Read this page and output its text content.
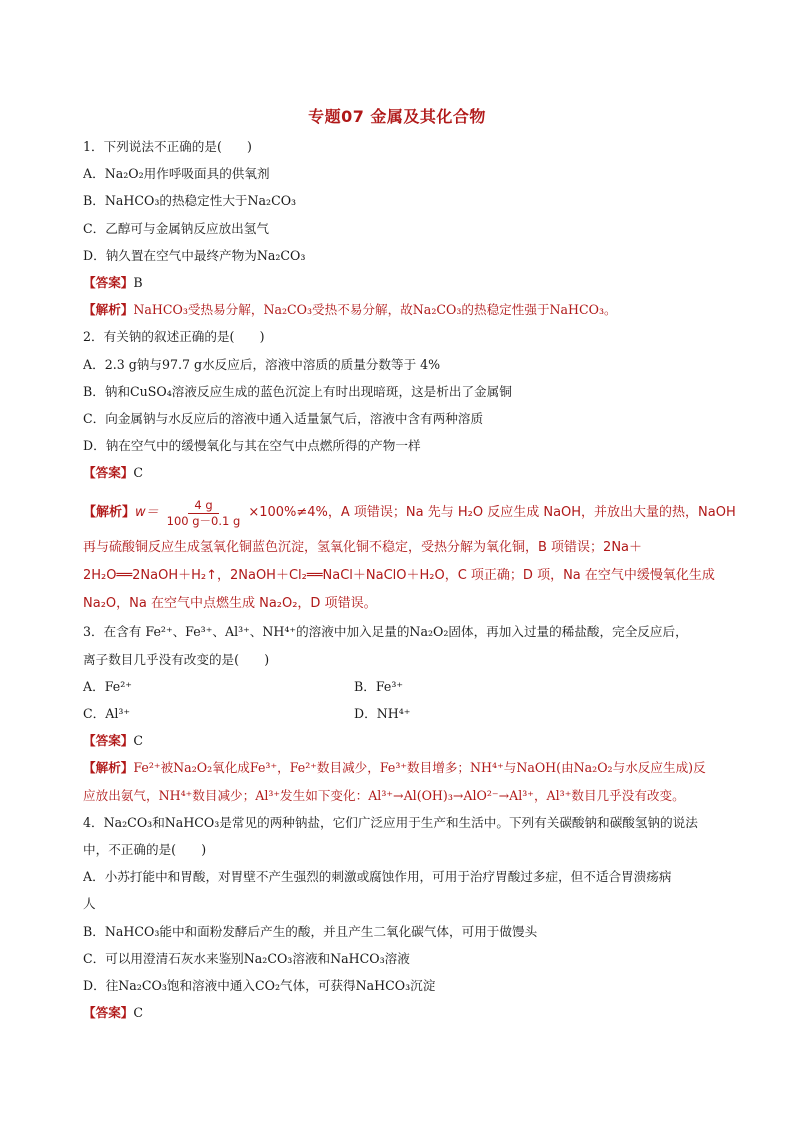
专题07 金属及其化合物
1．下列说法不正确的是(　　)
A．Na₂O₂用作呼吸面具的供氧剂
B．NaHCO₃的热稳定性大于Na₂CO₃
C．乙醇可与金属钠反应放出氢气
D．钠久置在空气中最终产物为Na₂CO₃
【答案】B
【解析】NaHCO₃受热易分解，Na₂CO₃受热不易分解，故Na₂CO₃的热稳定性强于NaHCO₃。
2．有关钠的叙述正确的是(　　)
A．2.3 g钠与97.7 g水反应后，溶液中溶质的质量分数等于 4%
B．钠和CuSO₄溶液反应生成的蓝色沉淀上有时出现暗斑，这是析出了金属铜
C．向金属钠与水反应后的溶液中通入适量氯气后，溶液中含有两种溶质
D．钠在空气中的缓慢氧化与其在空气中点燃所得的产物一样
【答案】C
【解析】 $w= \frac{4 g}{100 g-0.1 g} \times 100\%\ne 4\%$，A 项错误；Na 先与 H₂O 反应生成 NaOH，并放出大量的热，NaOH
再与硫酸铜反应生成氢氧化铜蓝色沉淀，氢氧化铜不稳定，受热分解为氧化铜，B 项错误；2Na＋
2H₂O══2NaOH＋H₂↑，2NaOH＋Cl₂══NaCl＋NaClO＋H₂O，C 项正确；D 项，Na 在空气中缓慢氧化生成
Na₂O，Na 在空气中点燃生成 Na₂O₂，D 项错误。
3．在含有 Fe²⁺、Fe³⁺、Al³⁺、NH⁴⁺的溶液中加入足量的Na₂O₂固体，再加入过量的稀盐酸，完全反应后，
离子数目几乎没有改变的是(　　)
A．Fe²⁺	B．Fe³⁺
C．Al³⁺	D．NH⁴⁺
【答案】C
【解析】Fe²⁺被Na₂O₂氧化成Fe³⁺，Fe²⁺数目减少，Fe³⁺数目增多；NH⁴⁺与NaOH(由Na₂O₂与水反应生成)反
应放出氨气，NH⁴⁺数目减少；Al³⁺发生如下变化：Al³⁺→Al(OH)₃→AlO²⁻→Al³⁺，Al³⁺数目几乎没有改变。
4．Na₂CO₃和NaHCO₃是常见的两种钠盐，它们广泛应用于生产和生活中。下列有关碳酸钠和碳酸氢钠的说法
中，不正确的是(　　)
A．小苏打能中和胃酸，对胃壁不产生强烈的刺激或腐蚀作用，可用于治疗胃酸过多症，但不适合胃溃疡病
人
B．NaHCO₃能中和面粉发酵后产生的酸，并且产生二氧化碳气体，可用于做馒头
C．可以用澄清石灰水来鉴别Na₂CO₃溶液和NaHCO₃溶液
D．往Na₂CO₃饱和溶液中通入CO₂气体，可获得NaHCO₃沉淀
【答案】C
